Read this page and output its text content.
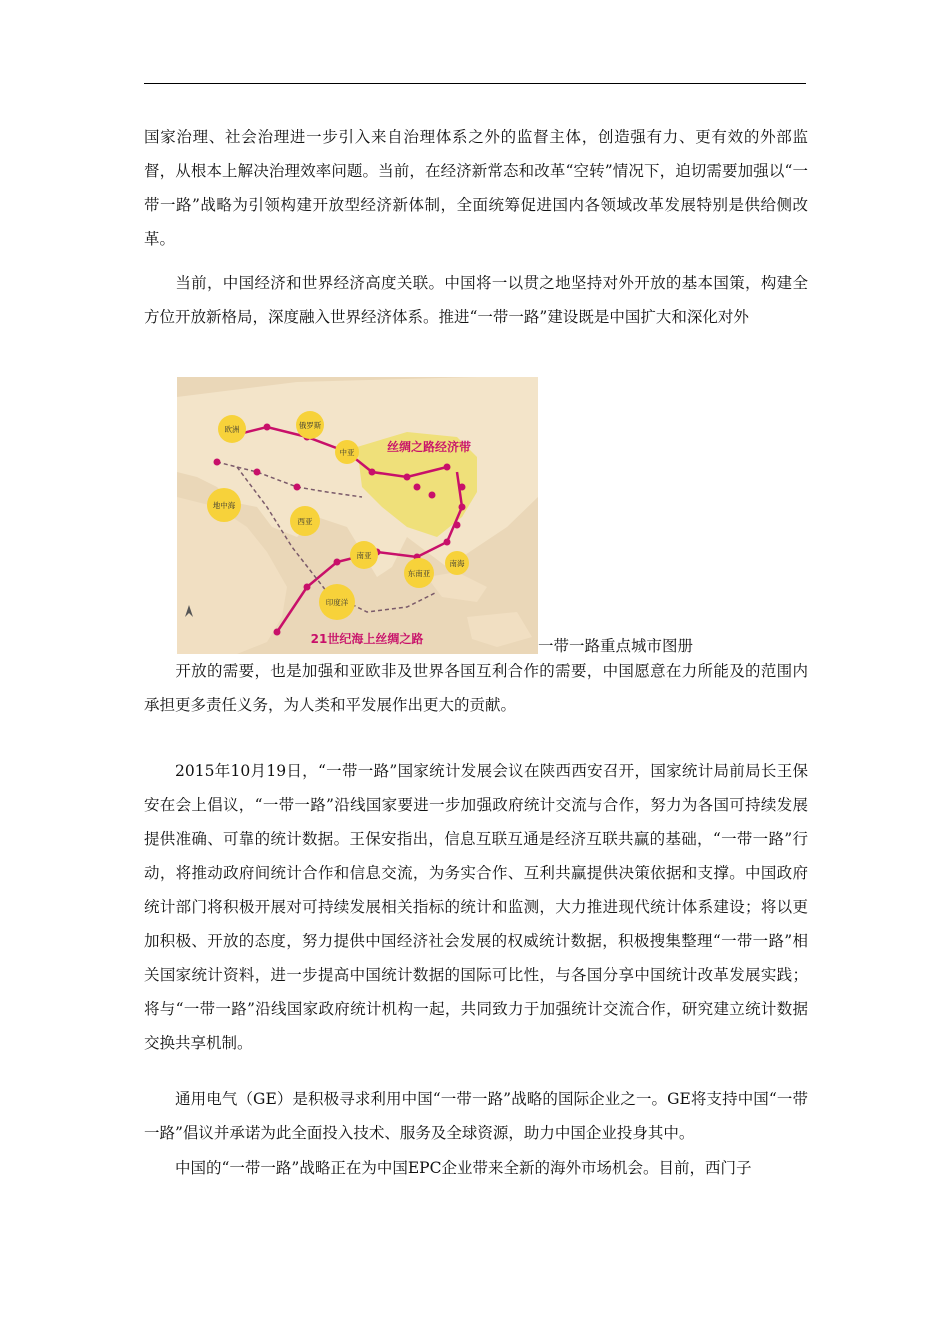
国家治理、社会治理进一步引入来自治理体系之外的监督主体，创造强有力、更有效的外部监督，从根本上解决治理效率问题。当前，在经济新常态和改革“空转”情况下，迫切需要加强以“一带一路”战略为引领构建开放型经济新体制，全面统筹促进国内各领域改革发展特别是供给侧改革。

当前，中国经济和世界经济高度关联。中国将一以贯之地坚持对外开放的基本国策，构建全方位开放新格局，深度融入世界经济体系。推进“一带一路”建设既是中国扩大和深化对外

欧洲	俄罗斯
中亚
地中海
西亚
南亚
东南亚
南海
印度洋
丝绸之路经济带
21世纪海上丝绸之路	一带一路重点城市图册

开放的需要，也是加强和亚欧非及世界各国互利合作的需要，中国愿意在力所能及的范围内承担更多责任义务，为人类和平发展作出更大的贡献。

2015年10月19日，“一带一路”国家统计发展会议在陕西西安召开，国家统计局前局长王保安在会上倡议，“一带一路”沿线国家要进一步加强政府统计交流与合作，努力为各国可持续发展提供准确、可靠的统计数据。王保安指出，信息互联互通是经济互联共赢的基础，“一带一路”行动，将推动政府间统计合作和信息交流，为务实合作、互利共赢提供决策依据和支撑。中国政府统计部门将积极开展对可持续发展相关指标的统计和监测，大力推进现代统计体系建设；将以更加积极、开放的态度，努力提供中国经济社会发展的权威统计数据，积极搜集整理“一带一路”相关国家统计资料，进一步提高中国统计数据的国际可比性，与各国分享中国统计改革发展实践；将与“一带一路”沿线国家政府统计机构一起，共同致力于加强统计交流合作，研究建立统计数据交换共享机制。

通用电气（GE）是积极寻求利用中国“一带一路”战略的国际企业之一。GE将支持中国“一带一路”倡议并承诺为此全面投入技术、服务及全球资源，助力中国企业投身其中。

中国的“一带一路”战略正在为中国EPC企业带来全新的海外市场机会。目前，西门子
